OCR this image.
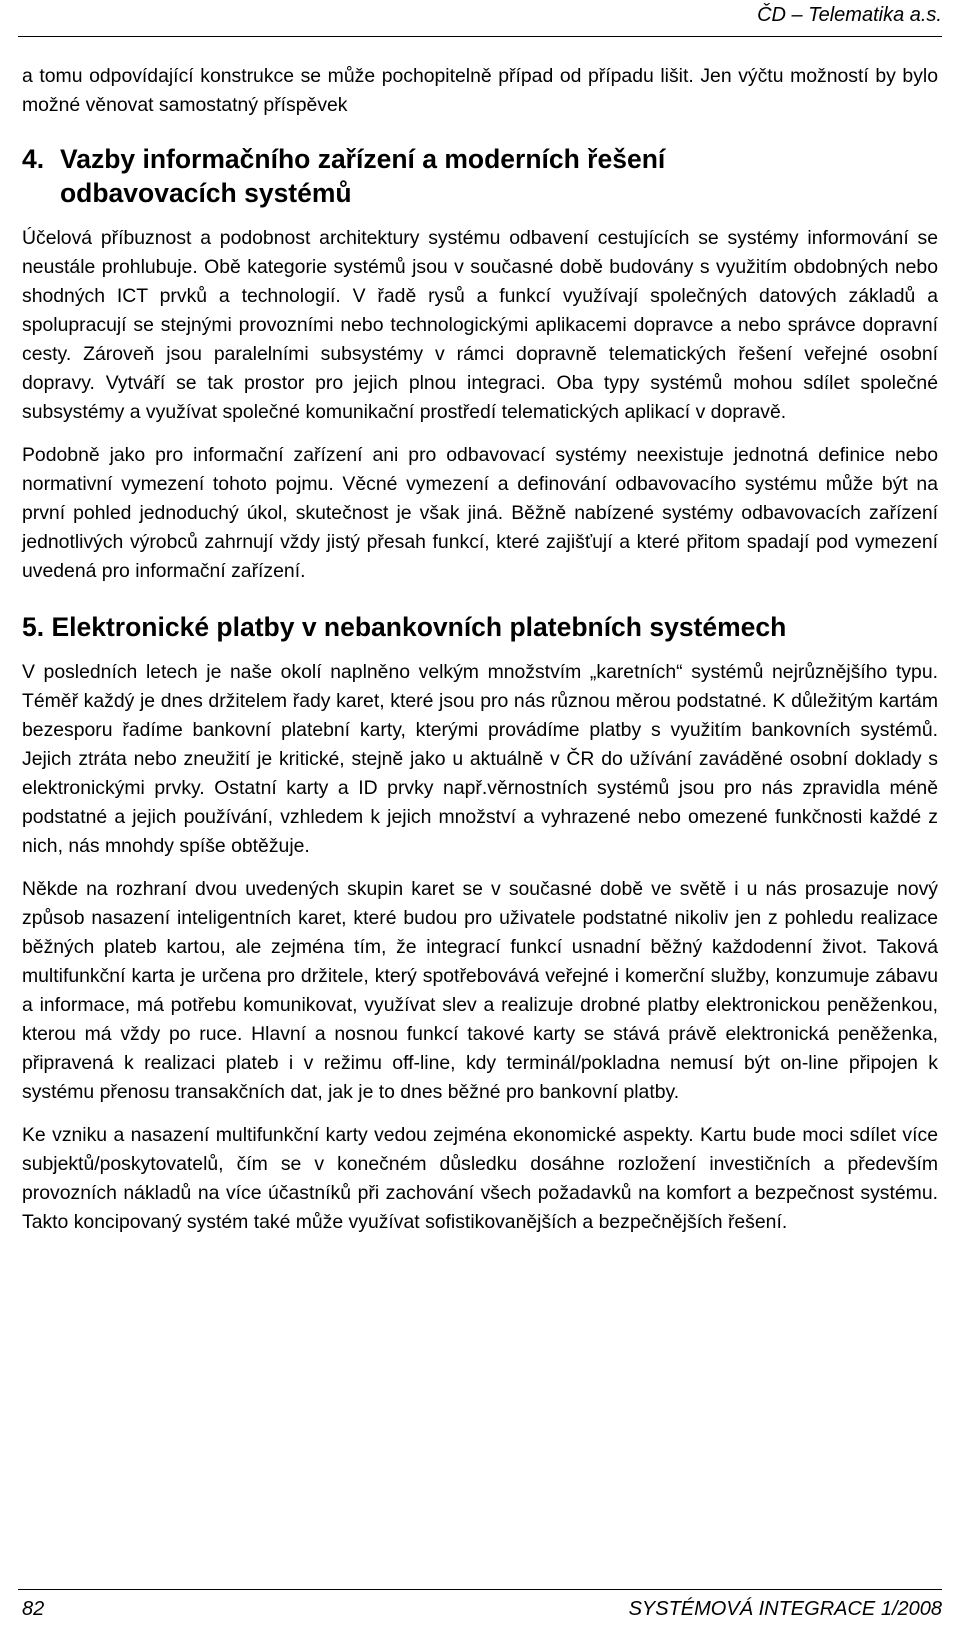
ČD – Telematika a.s.

a tomu odpovídající konstrukce se může pochopitelně případ od případu lišit. Jen výčtu možností by bylo možné věnovat samostatný příspěvek

4. Vazby informačního zařízení a moderních řešení
odbavovacích systémů

Účelová příbuznost a podobnost architektury systému odbavení cestujících se systémy informování se neustále prohlubuje. Obě kategorie systémů jsou v současné době budovány s využitím obdobných nebo shodných ICT prvků a technologií. V řadě rysů a funkcí využívají společných datových základů a spolupracují se stejnými provozními nebo technologickými aplikacemi dopravce a nebo správce dopravní cesty. Zároveň jsou paralelními subsystémy v rámci dopravně telematických řešení veřejné osobní dopravy. Vytváří se tak prostor pro jejich plnou integraci. Oba typy systémů mohou sdílet společné subsystémy a využívat společné komunikační prostředí telematických aplikací v dopravě.

Podobně jako pro informační zařízení ani pro odbavovací systémy neexistuje jednotná definice nebo normativní vymezení tohoto pojmu. Věcné vymezení a definování odbavovacího systému může být na první pohled jednoduchý úkol, skutečnost je však jiná. Běžně nabízené systémy odbavovacích zařízení jednotlivých výrobců zahrnují vždy jistý přesah funkcí, které zajišťují a které přitom spadají pod vymezení uvedená pro informační zařízení.

5. Elektronické platby v nebankovních platebních systémech

V posledních letech je naše okolí naplněno velkým množstvím „karetních“ systémů nejrůznějšího typu. Téměř každý je dnes držitelem řady karet, které jsou pro nás různou měrou podstatné. K důležitým kartám bezesporu řadíme bankovní platební karty, kterými provádíme platby s využitím bankovních systémů. Jejich ztráta nebo zneužití je kritické, stejně jako u aktuálně v ČR do užívání zaváděné osobní doklady s elektronickými prvky. Ostatní karty a ID prvky např.věrnostních systémů jsou pro nás zpravidla méně podstatné a jejich používání, vzhledem k jejich množství a vyhrazené nebo omezené funkčnosti každé z nich, nás mnohdy spíše obtěžuje.

Někde na rozhraní dvou uvedených skupin karet se v současné době ve světě i u nás prosazuje nový způsob nasazení inteligentních karet, které budou pro uživatele podstatné nikoliv jen z pohledu realizace běžných plateb kartou, ale zejména tím, že integrací funkcí usnadní běžný každodenní život. Taková multifunkční karta je určena pro držitele, který spotřebovává veřejné i komerční služby, konzumuje zábavu a informace, má potřebu komunikovat, využívat slev a realizuje drobné platby elektronickou peněženkou, kterou má vždy po ruce. Hlavní a nosnou funkcí takové karty se stává právě elektronická peněženka, připravená k realizaci plateb i v režimu off-line, kdy terminál/pokladna nemusí být on-line připojen k systému přenosu transakčních dat, jak je to dnes běžné pro bankovní platby.

Ke vzniku a nasazení multifunkční karty vedou zejména ekonomické aspekty. Kartu bude moci sdílet více subjektů/poskytovatelů, čím se v konečném důsledku dosáhne rozložení investičních a především provozních nákladů na více účastníků při zachování všech požadavků na komfort a bezpečnost systému. Takto koncipovaný systém také může využívat sofistikovanějších a bezpečnějších řešení.

82	SYSTÉMOVÁ INTEGRACE 1/2008
